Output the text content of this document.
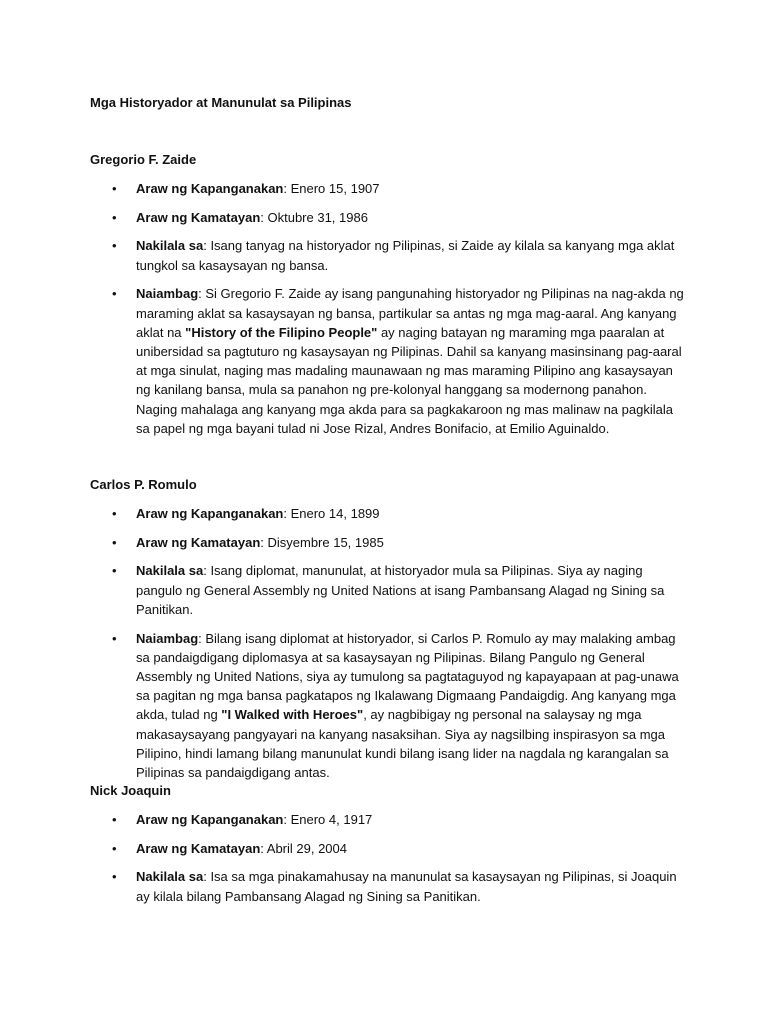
Mga Historyador at Manunulat sa Pilipinas
Gregorio F. Zaide
• Araw ng Kapanganakan: Enero 15, 1907
• Araw ng Kamatayan: Oktubre 31, 1986
• Nakilala sa: Isang tanyag na historyador ng Pilipinas, si Zaide ay kilala sa kanyang mga aklat tungkol sa kasaysayan ng bansa.
• Naiambag: Si Gregorio F. Zaide ay isang pangunahing historyador ng Pilipinas na nag-akda ng maraming aklat sa kasaysayan ng bansa, partikular sa antas ng mga mag-aaral. Ang kanyang aklat na "History of the Filipino People" ay naging batayan ng maraming mga paaralan at unibersidad sa pagtuturo ng kasaysayan ng Pilipinas. Dahil sa kanyang masinsinang pag-aaral at mga sinulat, naging mas madaling maunawaan ng mas maraming Pilipino ang kasaysayan ng kanilang bansa, mula sa panahon ng pre-kolonyal hanggang sa modernong panahon. Naging mahalaga ang kanyang mga akda para sa pagkakaroon ng mas malinaw na pagkilala sa papel ng mga bayani tulad ni Jose Rizal, Andres Bonifacio, at Emilio Aguinaldo.
Carlos P. Romulo
• Araw ng Kapanganakan: Enero 14, 1899
• Araw ng Kamatayan: Disyembre 15, 1985
• Nakilala sa: Isang diplomat, manunulat, at historyador mula sa Pilipinas. Siya ay naging pangulo ng General Assembly ng United Nations at isang Pambansang Alagad ng Sining sa Panitikan.
• Naiambag: Bilang isang diplomat at historyador, si Carlos P. Romulo ay may malaking ambag sa pandaigdigang diplomasya at sa kasaysayan ng Pilipinas. Bilang Pangulo ng General Assembly ng United Nations, siya ay tumulong sa pagtataguyod ng kapayapaan at pag-unawa sa pagitan ng mga bansa pagkatapos ng Ikalawang Digmaang Pandaigdig. Ang kanyang mga akda, tulad ng "I Walked with Heroes", ay nagbibigay ng personal na salaysay ng mga makasaysayang pangyayari na kanyang nasaksihan. Siya ay nagsilbing inspirasyon sa mga Pilipino, hindi lamang bilang manunulat kundi bilang isang lider na nagdala ng karangalan sa Pilipinas sa pandaigdigang antas.
Nick Joaquin
• Araw ng Kapanganakan: Enero 4, 1917
• Araw ng Kamatayan: Abril 29, 2004
• Nakilala sa: Isa sa mga pinakamahusay na manunulat sa kasaysayan ng Pilipinas, si Joaquin ay kilala bilang Pambansang Alagad ng Sining sa Panitikan.
